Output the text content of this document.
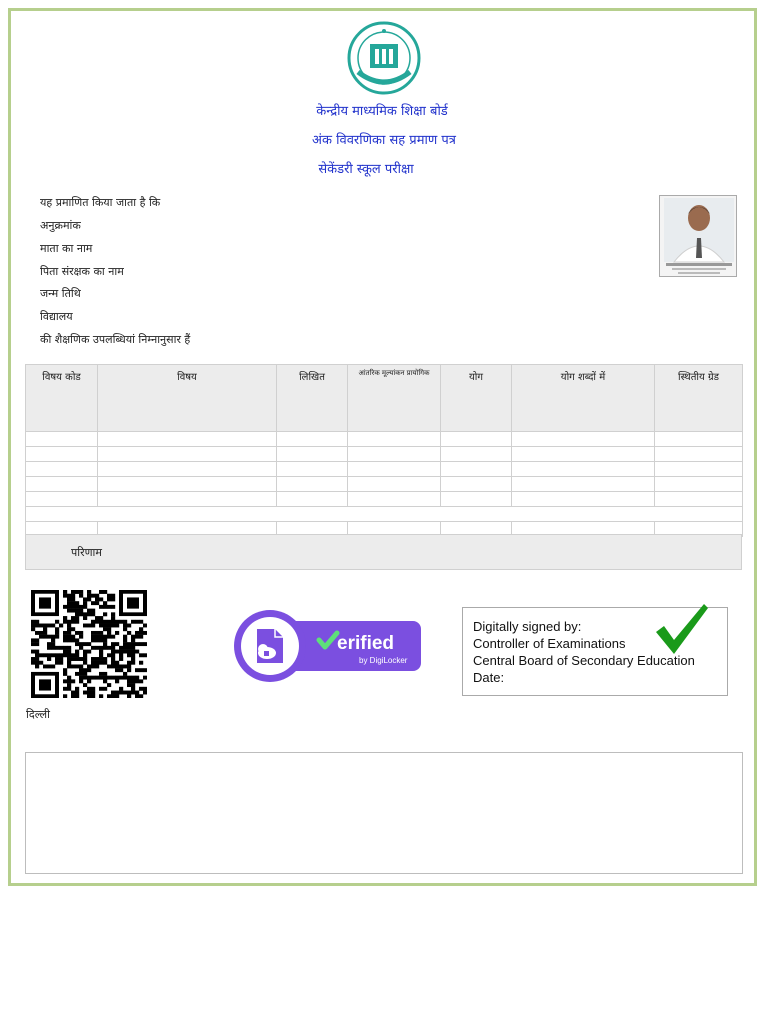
केन्द्रीय माध्यमिक शिक्षा बोर्ड
अंक विवरणिका सह प्रमाण पत्र
सेकेंडरी स्कूल परीक्षा
यह प्रमाणित किया जाता है कि
अनुक्रमांक
माता का नाम
पिता संरक्षक का नाम
जन्म तिथि
विद्यालय
की शैक्षणिक उपलब्धियां निम्नानुसार हैं
विषय कोड	विषय	लिखित	आंतरिक मूल्यांकन प्रायोगिक	योग	योग शब्दों में	स्थितीय ग्रेड

परिणाम
दिल्ली
erified
by DigiLocker
Digitally signed by:
Controller of Examinations
Central Board of Secondary Education
Date:
